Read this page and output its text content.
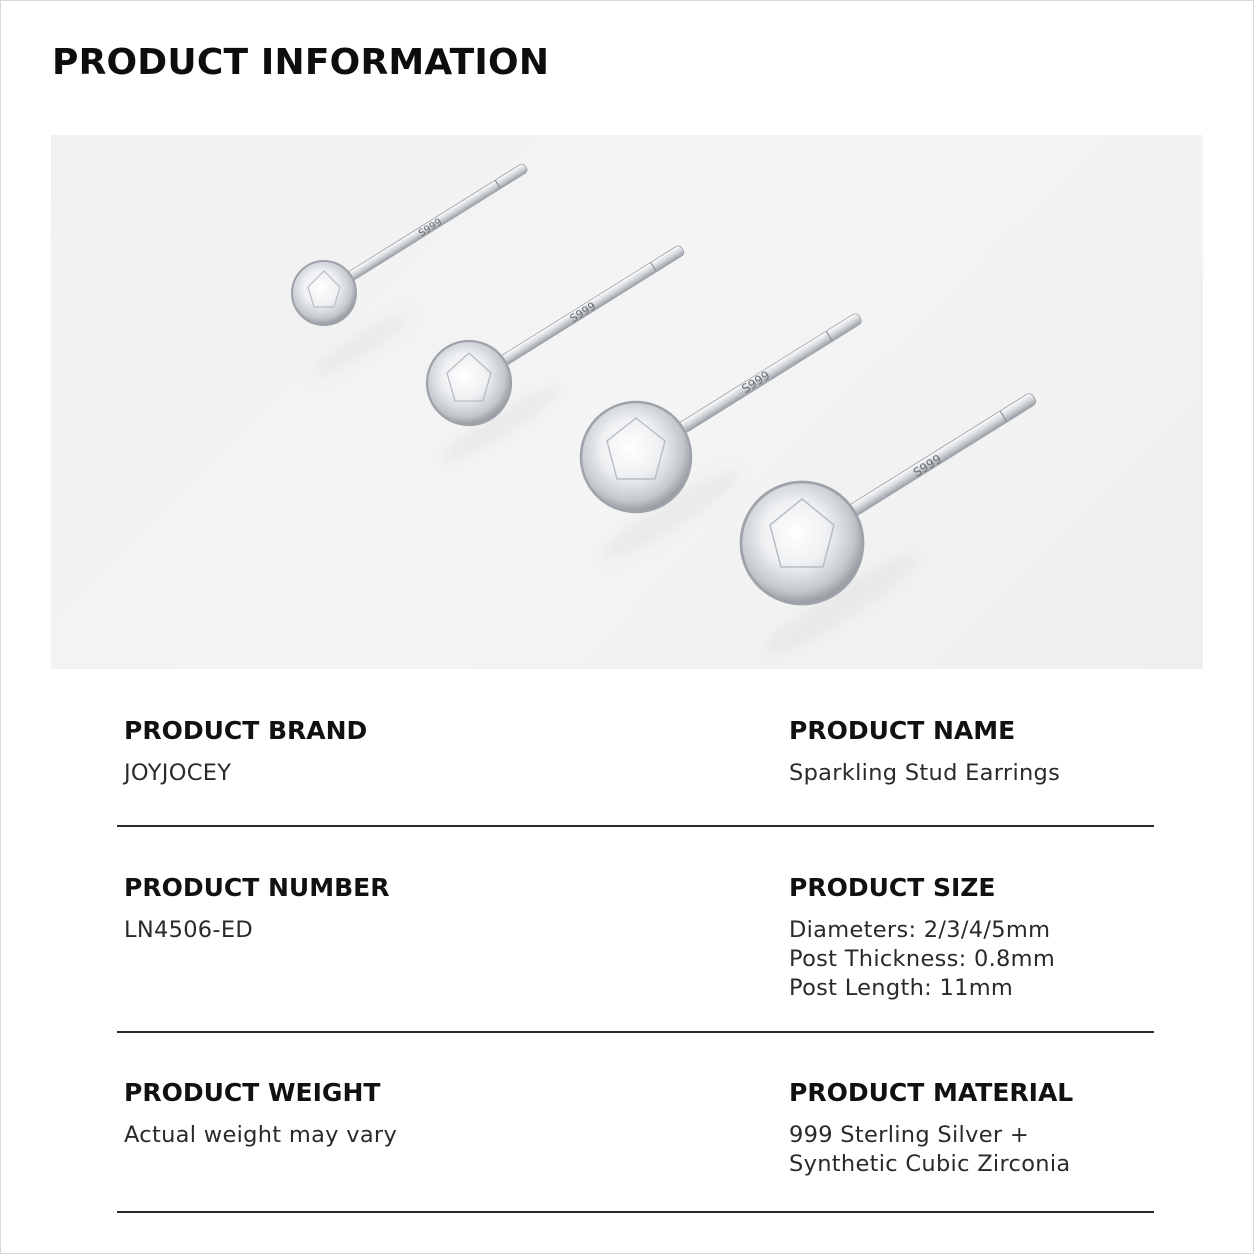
PRODUCT INFORMATION
S999
S999
S999
S999
PRODUCT BRAND
JOYJOCEY
PRODUCT NAME
Sparkling Stud Earrings
PRODUCT NUMBER
LN4506-ED
PRODUCT SIZE
Diameters: 2/3/4/5mm
Post Thickness: 0.8mm
Post Length: 11mm
PRODUCT WEIGHT
Actual weight may vary
PRODUCT MATERIAL
999 Sterling Silver +
Synthetic Cubic Zirconia
